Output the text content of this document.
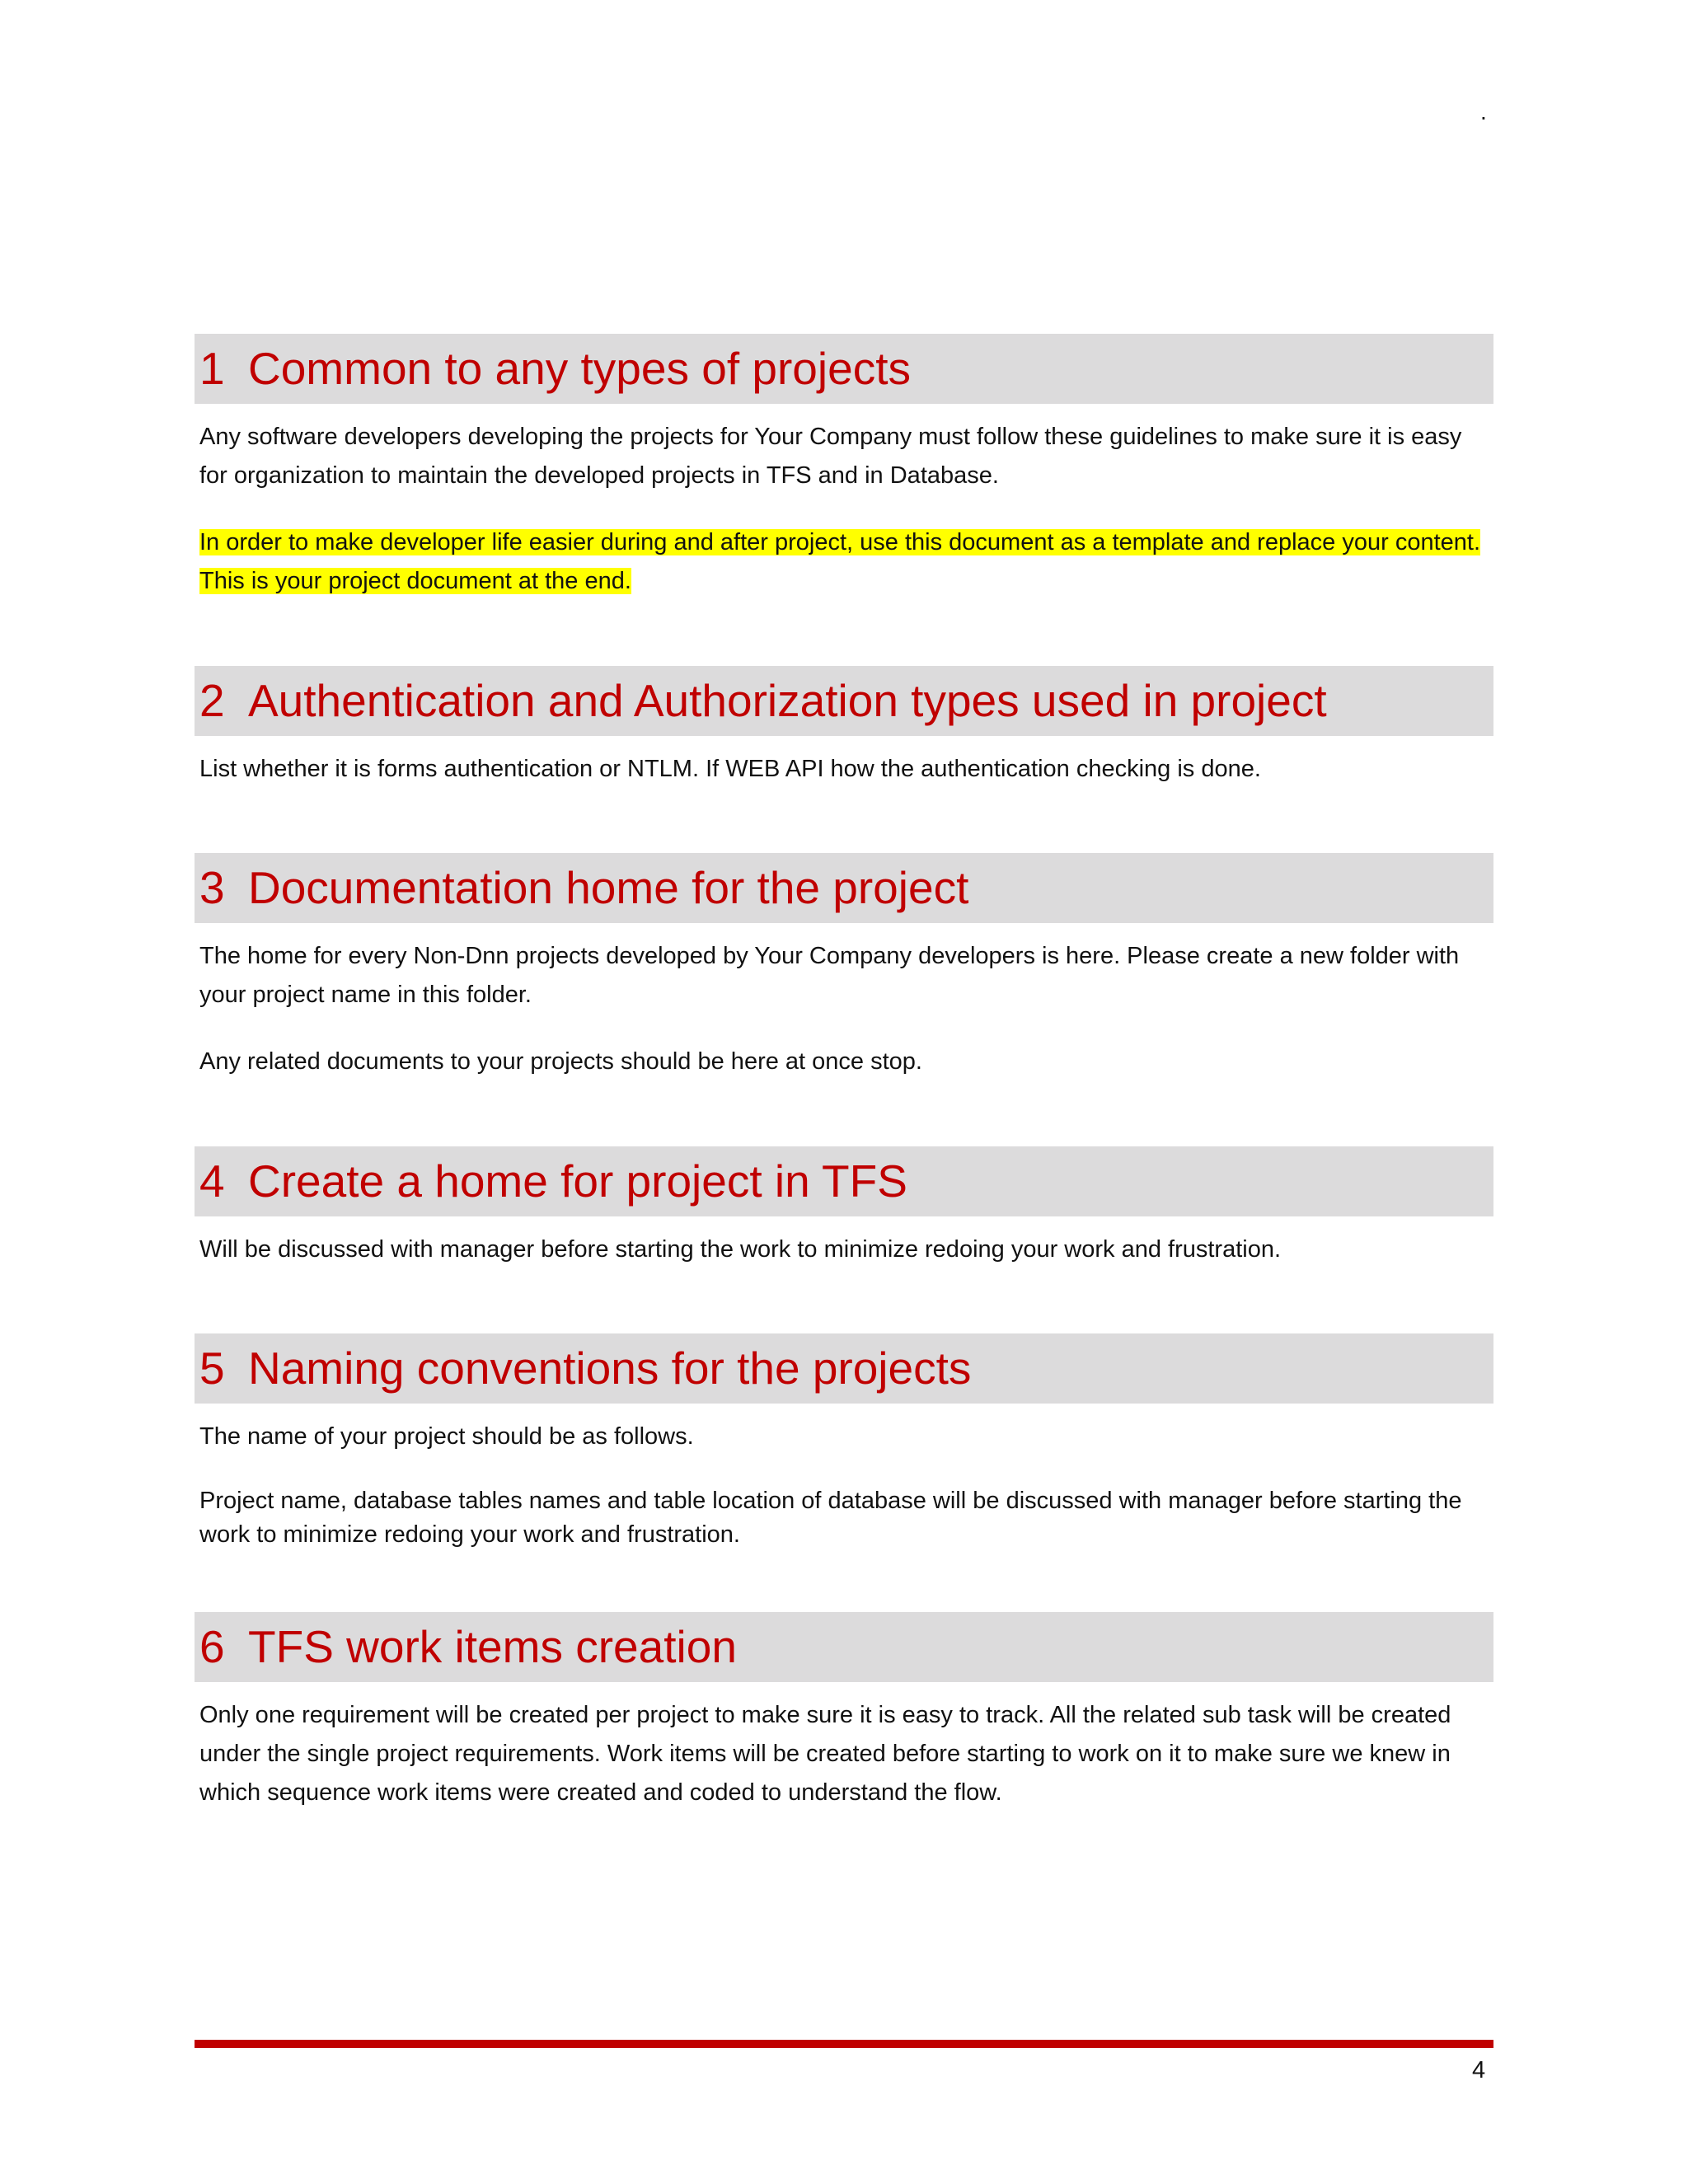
.
1 Common to any types of projects

Any software developers developing the projects for Your Company must follow these guidelines to make sure it is easy for organization to maintain the developed projects in TFS and in Database.

In order to make developer life easier during and after project, use this document as a template and replace your content. This is your project document at the end.

2 Authentication and Authorization types used in project

List whether it is forms authentication or NTLM. If WEB API how the authentication checking is done.

3 Documentation home for the project

The home for every Non-Dnn projects developed by Your Company developers is here. Please create a new folder with your project name in this folder.

Any related documents to your projects should be here at once stop.

4 Create a home for project in TFS

Will be discussed with manager before starting the work to minimize redoing your work and frustration.

5 Naming conventions for the projects

The name of your project should be as follows.

Project name, database tables names and table location of database will be discussed with manager before starting the work to minimize redoing your work and frustration.

6 TFS work items creation

Only one requirement will be created per project to make sure it is easy to track. All the related sub task will be created under the single project requirements. Work items will be created before starting to work on it to make sure we knew in which sequence work items were created and coded to understand the flow.

4
